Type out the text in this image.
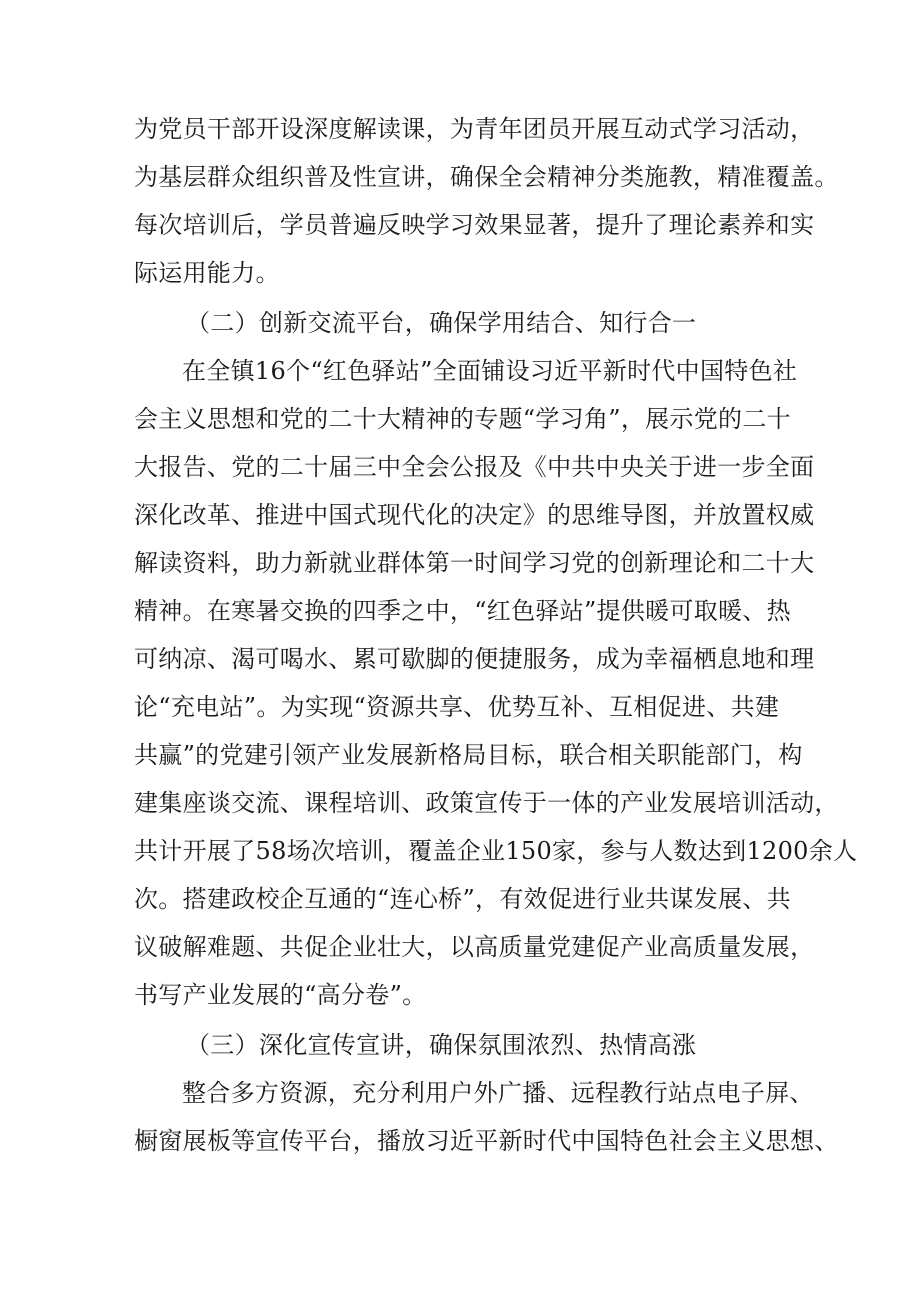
为党员干部开设深度解读课，为青年团员开展互动式学习活动，
为基层群众组织普及性宣讲，确保全会精神分类施教，精准覆盖。
每次培训后，学员普遍反映学习效果显著，提升了理论素养和实
际运用能力。
（二）创新交流平台，确保学用结合、知行合一
在全镇16个“红色驿站”全面铺设习近平新时代中国特色社
会主义思想和党的二十大精神的专题“学习角”，展示党的二十
大报告、党的二十届三中全会公报及《中共中央关于进一步全面
深化改革、推进中国式现代化的决定》的思维导图，并放置权威
解读资料，助力新就业群体第一时间学习党的创新理论和二十大
精神。在寒暑交换的四季之中，“红色驿站”提供暖可取暖、热
可纳凉、渴可喝水、累可歇脚的便捷服务，成为幸福栖息地和理
论“充电站”。为实现“资源共享、优势互补、互相促进、共建
共赢”的党建引领产业发展新格局目标，联合相关职能部门，构
建集座谈交流、课程培训、政策宣传于一体的产业发展培训活动，
共计开展了58场次培训，覆盖企业150家，参与人数达到1200余人
次。搭建政校企互通的“连心桥”，有效促进行业共谋发展、共
议破解难题、共促企业壮大，以高质量党建促产业高质量发展，
书写产业发展的“高分卷”。
（三）深化宣传宣讲，确保氛围浓烈、热情高涨
整合多方资源，充分利用户外广播、远程教行站点电子屏、
橱窗展板等宣传平台，播放习近平新时代中国特色社会主义思想、
